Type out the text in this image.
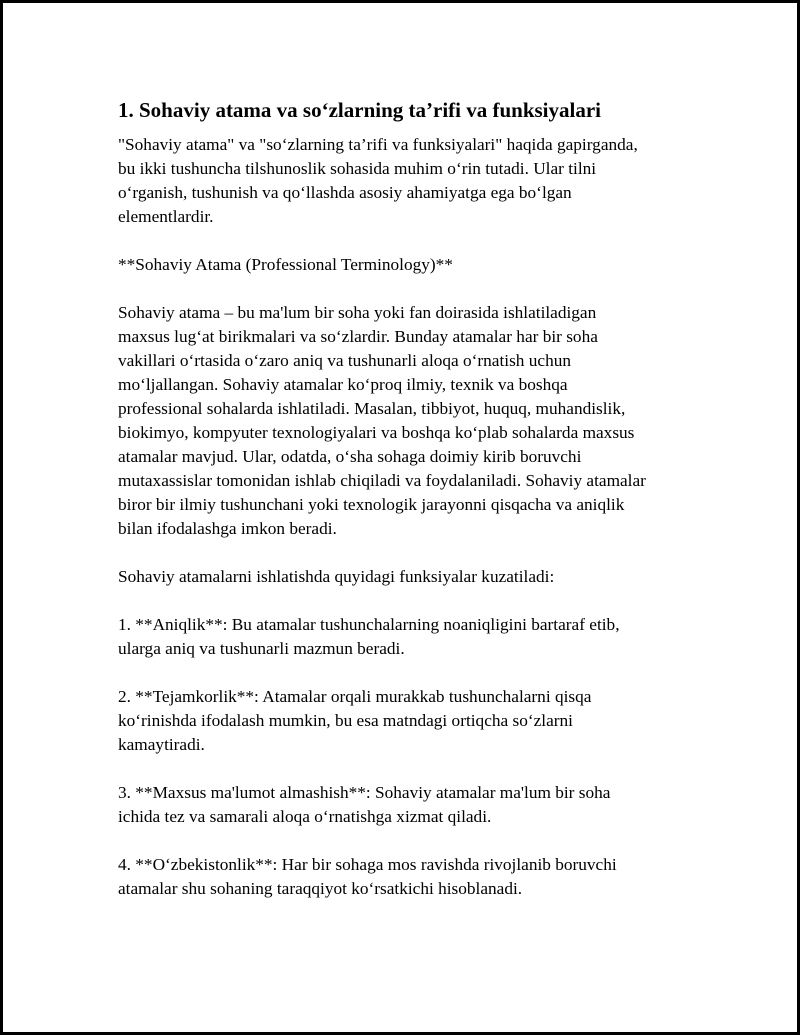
1. Sohaviy atama va so‘zlarning ta’rifi va funksiyalari

"Sohaviy atama" va "so‘zlarning ta’rifi va funksiyalari" haqida gapirganda,
bu ikki tushuncha tilshunoslik sohasida muhim o‘rin tutadi. Ular tilni
o‘rganish, tushunish va qo‘llashda asosiy ahamiyatga ega bo‘lgan
elementlardir.

**Sohaviy Atama (Professional Terminology)**

Sohaviy atama – bu ma'lum bir soha yoki fan doirasida ishlatiladigan
maxsus lug‘at birikmalari va so‘zlardir. Bunday atamalar har bir soha
vakillari o‘rtasida o‘zaro aniq va tushunarli aloqa o‘rnatish uchun
mo‘ljallangan. Sohaviy atamalar ko‘proq ilmiy, texnik va boshqa
professional sohalarda ishlatiladi. Masalan, tibbiyot, huquq, muhandislik,
biokimyo, kompyuter texnologiyalari va boshqa ko‘plab sohalarda maxsus
atamalar mavjud. Ular, odatda, o‘sha sohaga doimiy kirib boruvchi
mutaxassislar tomonidan ishlab chiqiladi va foydalaniladi. Sohaviy atamalar
biror bir ilmiy tushunchani yoki texnologik jarayonni qisqacha va aniqlik
bilan ifodalashga imkon beradi.

Sohaviy atamalarni ishlatishda quyidagi funksiyalar kuzatiladi:

1. **Aniqlik**: Bu atamalar tushunchalarning noaniqligini bartaraf etib,
ularga aniq va tushunarli mazmun beradi.

2. **Tejamkorlik**: Atamalar orqali murakkab tushunchalarni qisqa
ko‘rinishda ifodalash mumkin, bu esa matndagi ortiqcha so‘zlarni
kamaytiradi.

3. **Maxsus ma'lumot almashish**: Sohaviy atamalar ma'lum bir soha
ichida tez va samarali aloqa o‘rnatishga xizmat qiladi.

4. **O‘zbekistonlik**: Har bir sohaga mos ravishda rivojlanib boruvchi
atamalar shu sohaning taraqqiyot ko‘rsatkichi hisoblanadi.
